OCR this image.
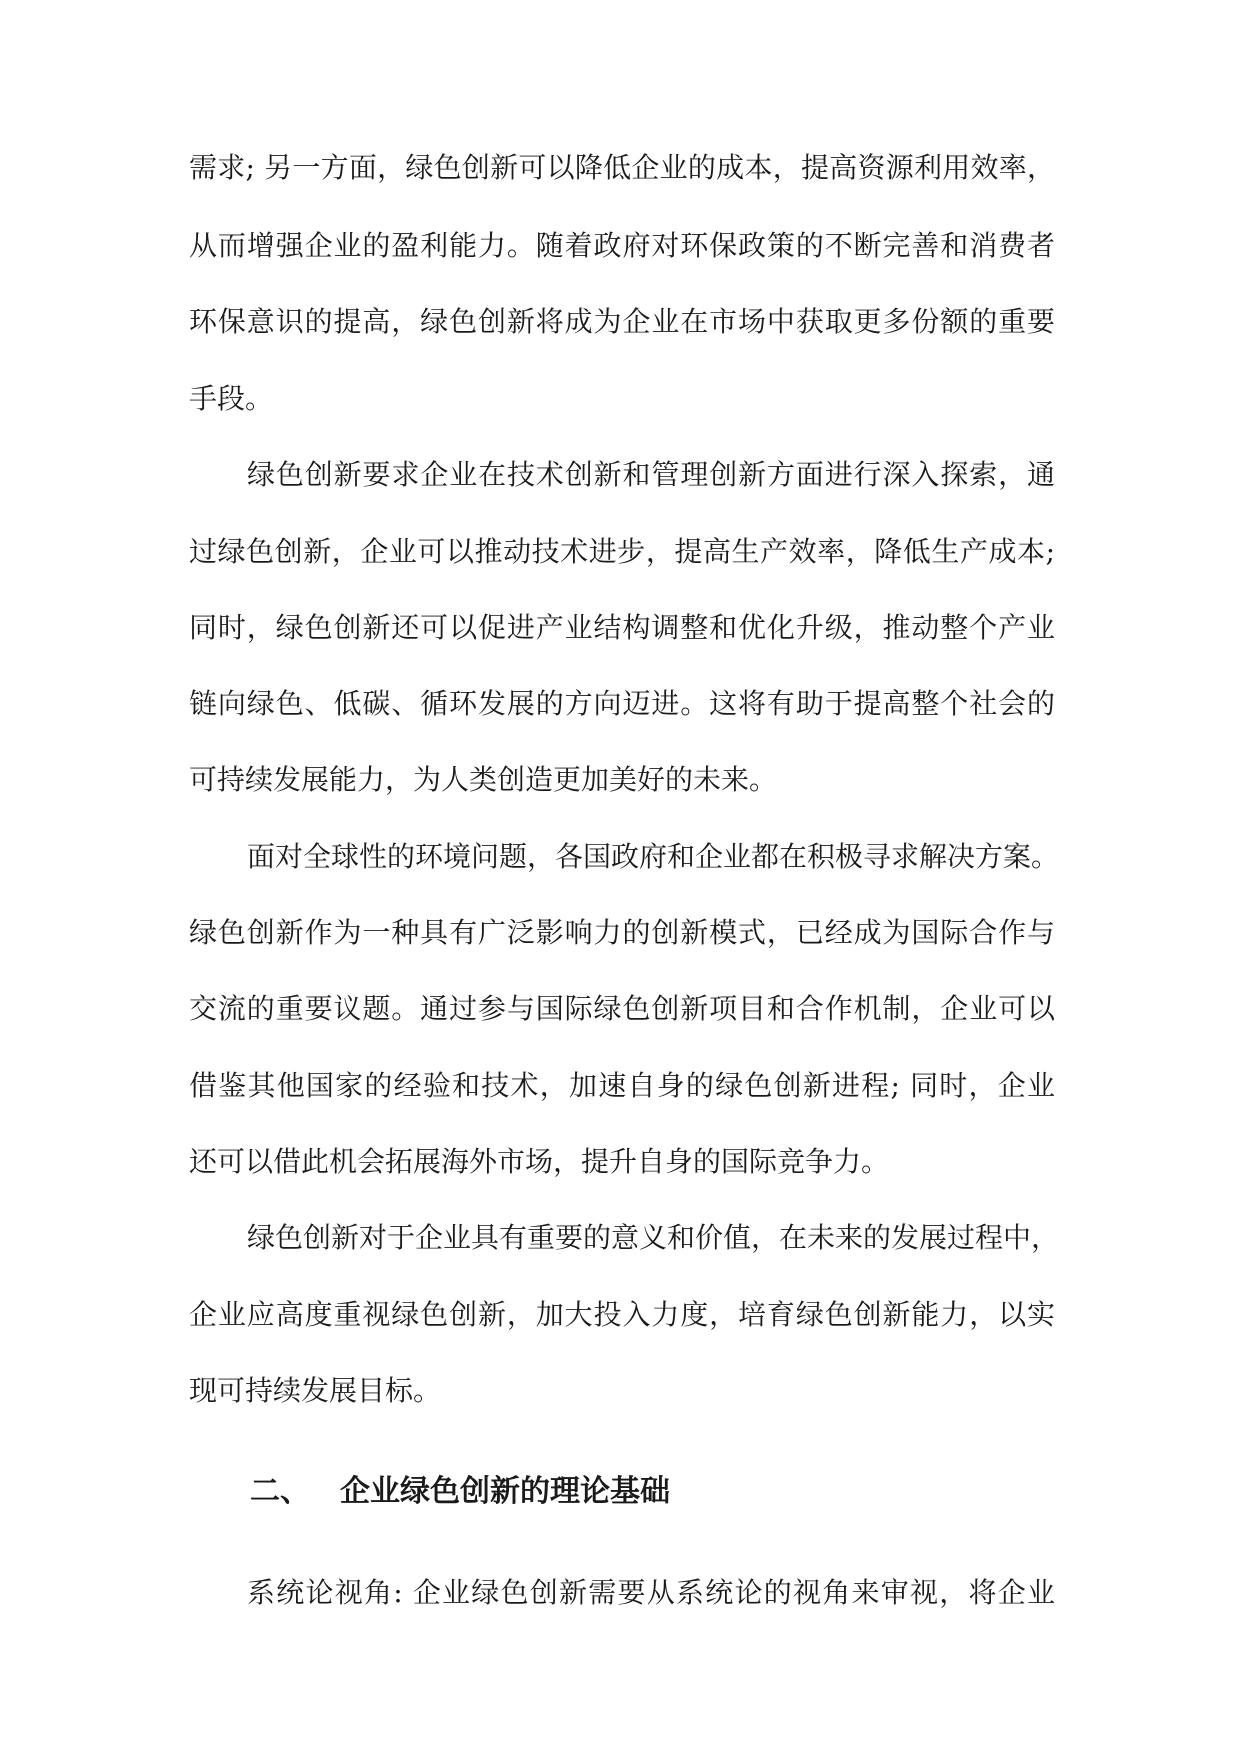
需求; 另一方面，绿色创新可以降低企业的成本，提高资源利用效率，
从而增强企业的盈利能力。随着政府对环保政策的不断完善和消费者
环保意识的提高，绿色创新将成为企业在市场中获取更多份额的重要
手段。
绿色创新要求企业在技术创新和管理创新方面进行深入探索，通
过绿色创新，企业可以推动技术进步，提高生产效率，降低生产成本;
同时，绿色创新还可以促进产业结构调整和优化升级，推动整个产业
链向绿色、低碳、循环发展的方向迈进。这将有助于提高整个社会的
可持续发展能力，为人类创造更加美好的未来。
面对全球性的环境问题，各国政府和企业都在积极寻求解决方案。
绿色创新作为一种具有广泛影响力的创新模式，已经成为国际合作与
交流的重要议题。通过参与国际绿色创新项目和合作机制，企业可以
借鉴其他国家的经验和技术，加速自身的绿色创新进程; 同时，企业
还可以借此机会拓展海外市场，提升自身的国际竞争力。
绿色创新对于企业具有重要的意义和价值，在未来的发展过程中，
企业应高度重视绿色创新，加大投入力度，培育绿色创新能力，以实
现可持续发展目标。
二、 企业绿色创新的理论基础
系统论视角: 企业绿色创新需要从系统论的视角来审视，将企业
